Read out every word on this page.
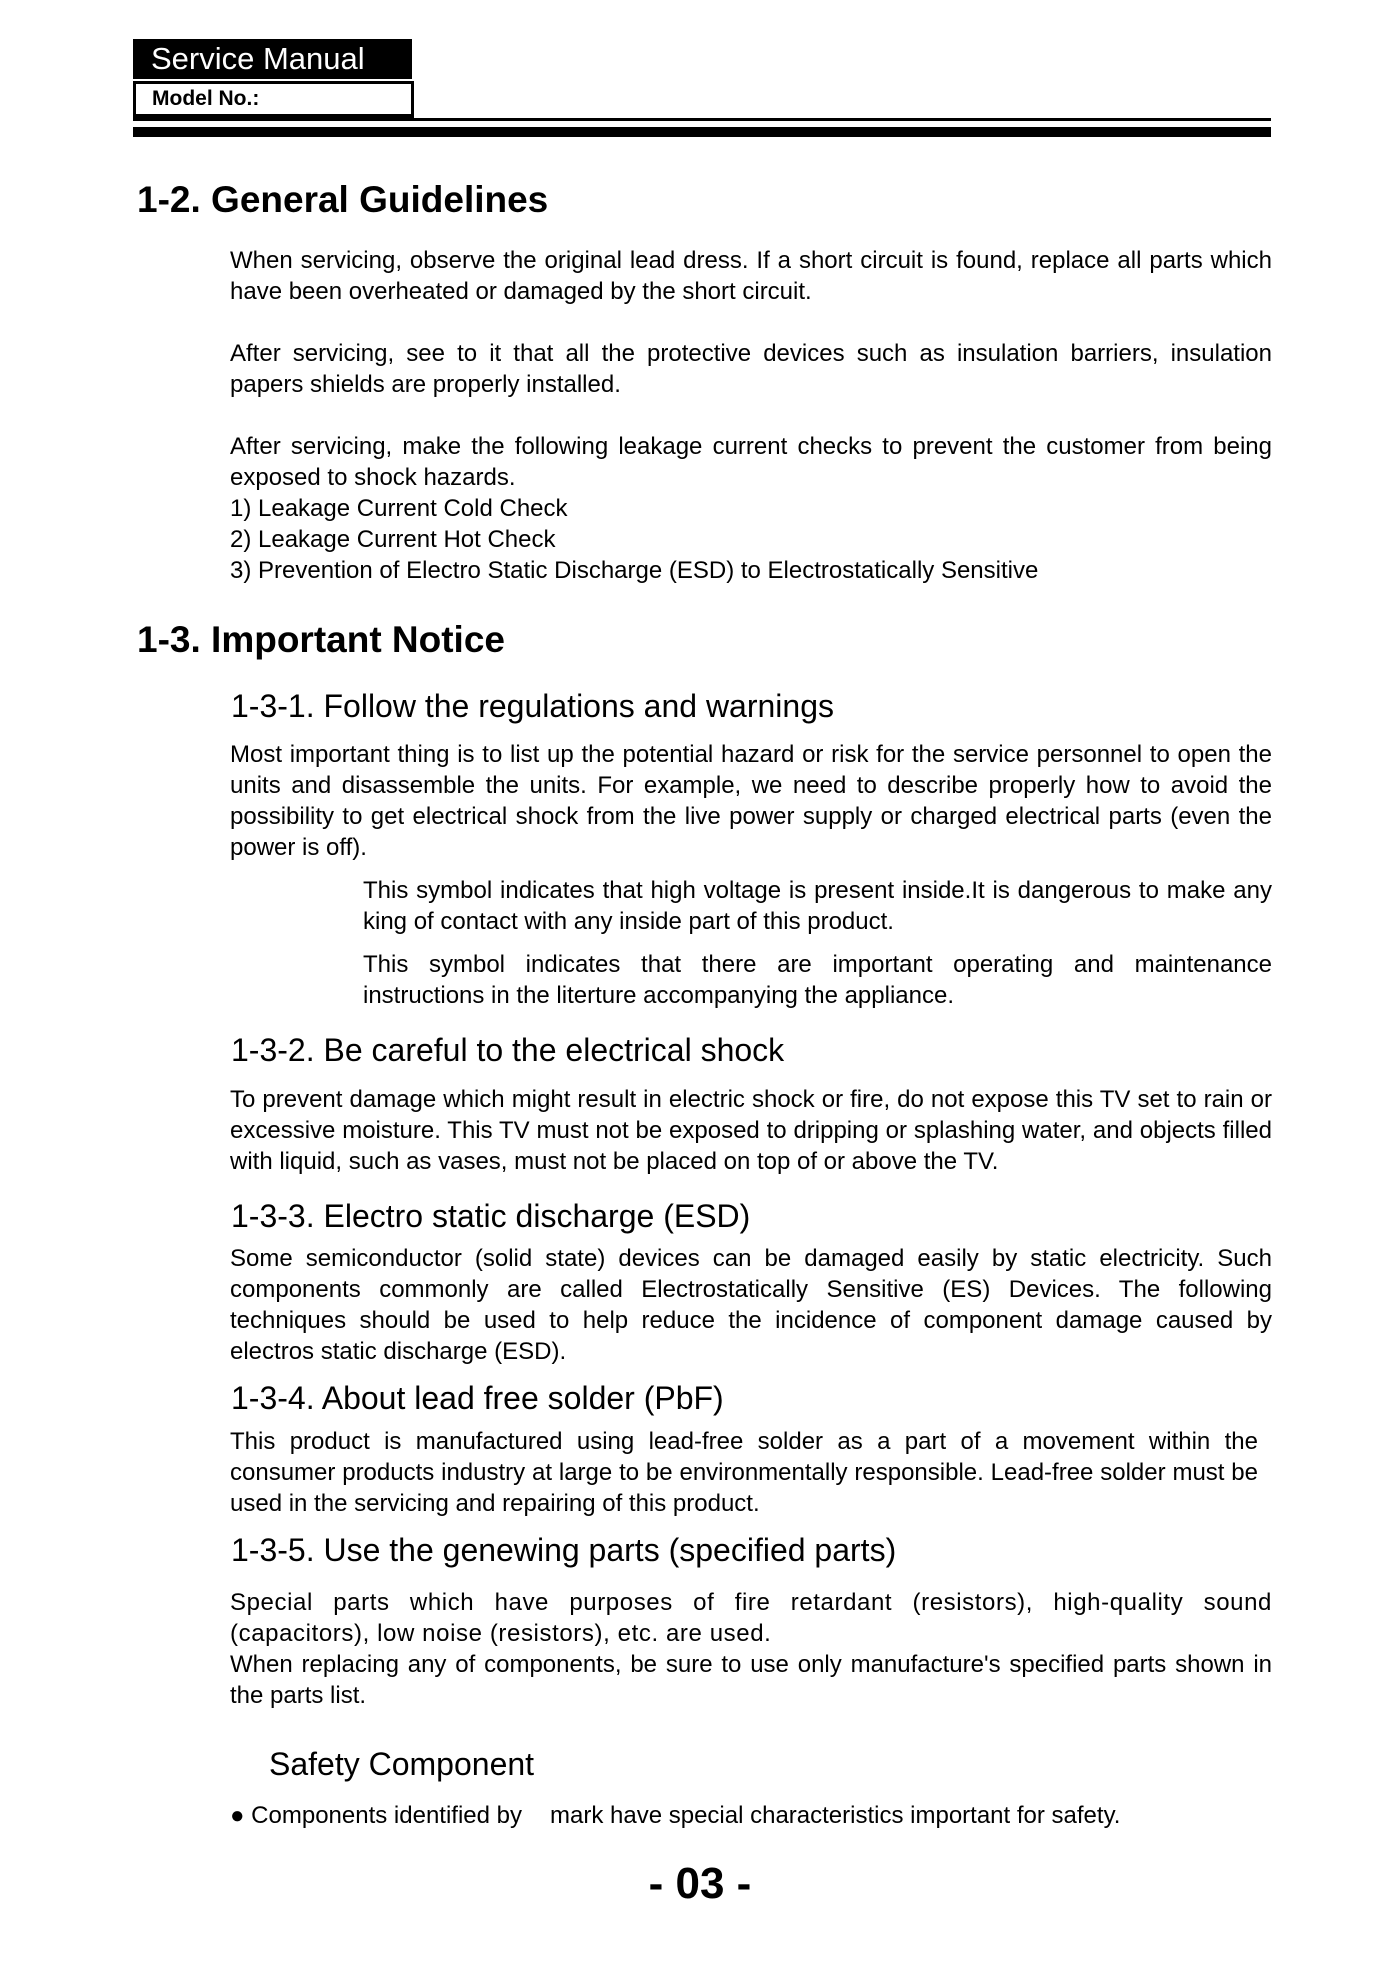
Service Manual
Model No.:
1-2. General Guidelines

When servicing, observe the original lead dress. If a short circuit is found, replace all parts which have been overheated or damaged by the short circuit.

After servicing, see to it that all the protective devices such as insulation barriers, insulation papers shields are properly installed.

After servicing, make the following leakage current checks to prevent the customer from being exposed to shock hazards.

1) Leakage Current Cold Check
2) Leakage Current Hot Check
3) Prevention of Electro Static Discharge (ESD) to Electrostatically Sensitive
1-3. Important Notice
1-3-1. Follow the regulations and warnings

Most important thing is to list up the potential hazard or risk for the service personnel to open the units and disassemble the units. For example, we need to describe properly how to avoid the possibility to get electrical shock from the live power supply or charged electrical parts (even the power is off).

This symbol indicates that high voltage is present inside.It is dangerous to make any king of contact with any inside part of this product.

This symbol indicates that there are important operating and maintenance instructions in the literture accompanying the appliance.

1-3-2. Be careful to the electrical shock

To prevent damage which might result in electric shock or fire, do not expose this TV set to rain or excessive moisture. This TV must not be exposed to dripping or splashing water, and objects filled with liquid, such as vases, must not be placed on top of or above the TV.

1-3-3. Electro static discharge (ESD)

Some semiconductor (solid state) devices can be damaged easily by static electricity. Such components commonly are called Electrostatically Sensitive (ES) Devices. The following techniques should be used to help reduce the incidence of component damage caused by electros static discharge (ESD).

1-3-4. About lead free solder (PbF)

This product is manufactured using lead-free solder as a part of a movement within the consumer products industry at large to be environmentally responsible. Lead-free solder must be used in the servicing and repairing of this product.

1-3-5. Use the genewing parts (specified parts)

Special parts which have purposes of fire retardant (resistors), high-quality sound (capacitors), low noise (resistors), etc. are used.

When replacing any of components, be sure to use only manufacture's specified parts shown in the parts list.

Safety Component

● Components identified by mark have special characteristics important for safety.

- 03 -
